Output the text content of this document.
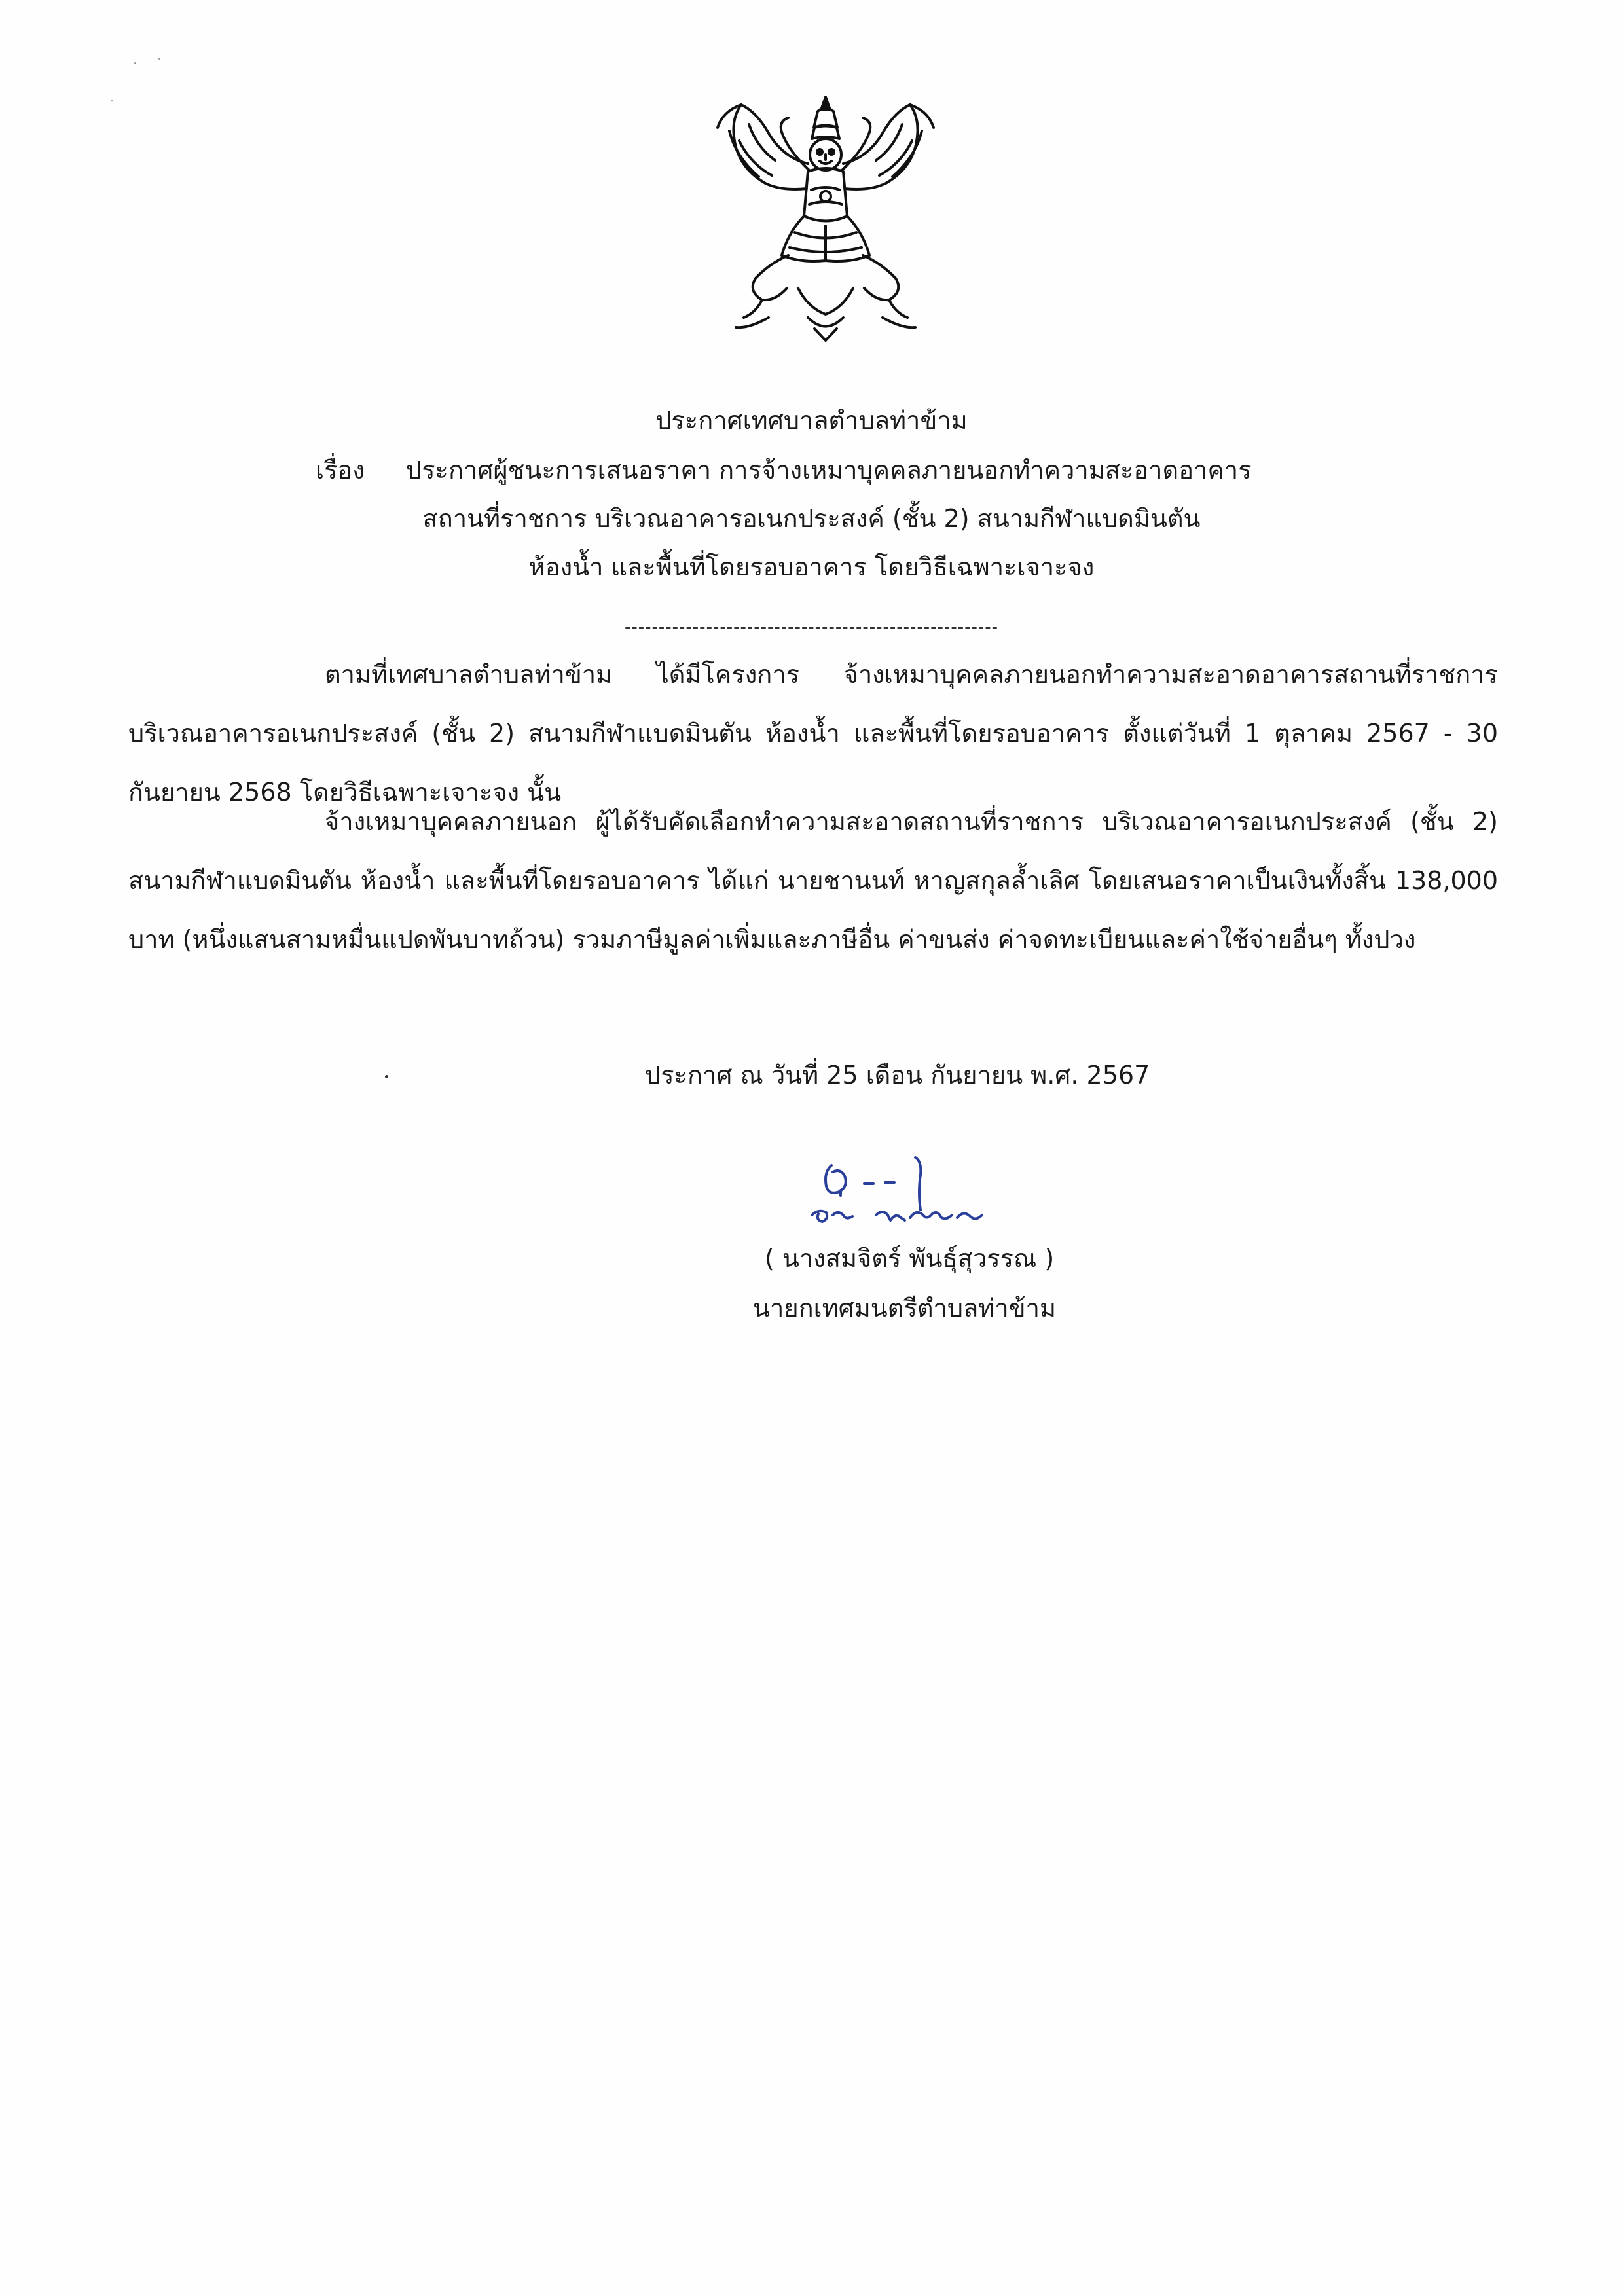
ประกาศเทศบาลตำบลท่าข้าม
เรื่อง ประกาศผู้ชนะการเสนอราคา การจ้างเหมาบุคคลภายนอกทำความสะอาดอาคาร
สถานที่ราชการ บริเวณอาคารอเนกประสงค์ (ชั้น 2) สนามกีฬาแบดมินตัน
ห้องน้ำ และพื้นที่โดยรอบอาคาร โดยวิธีเฉพาะเจาะจง
-------------------------------------------------------

ตามที่เทศบาลตำบลท่าข้าม ได้มีโครงการ จ้างเหมาบุคคลภายนอกทำความสะอาดอาคารสถานที่ราชการ บริเวณอาคารอเนกประสงค์ (ชั้น 2) สนามกีฬาแบดมินตัน ห้องน้ำ และพื้นที่โดยรอบอาคาร ตั้งแต่วันที่ 1 ตุลาคม 2567 - 30 กันยายน 2568 โดยวิธีเฉพาะเจาะจง นั้น

จ้างเหมาบุคคลภายนอก ผู้ได้รับคัดเลือกทำความสะอาดสถานที่ราชการ บริเวณอาคารอเนกประสงค์ (ชั้น 2) สนามกีฬาแบดมินตัน ห้องน้ำ และพื้นที่โดยรอบอาคาร ได้แก่ นายชานนท์ หาญสกุลล้ำเลิศ โดยเสนอราคาเป็นเงินทั้งสิ้น 138,000 บาท (หนึ่งแสนสามหมื่นแปดพันบาทถ้วน) รวมภาษีมูลค่าเพิ่มและภาษีอื่น ค่าขนส่ง ค่าจดทะเบียนและค่าใช้จ่ายอื่นๆ ทั้งปวง

ประกาศ ณ วันที่ 25 เดือน กันยายน พ.ศ. 2567
( นางสมจิตร์ พันธุ์สุวรรณ )
นายกเทศมนตรีตำบลท่าข้าม
